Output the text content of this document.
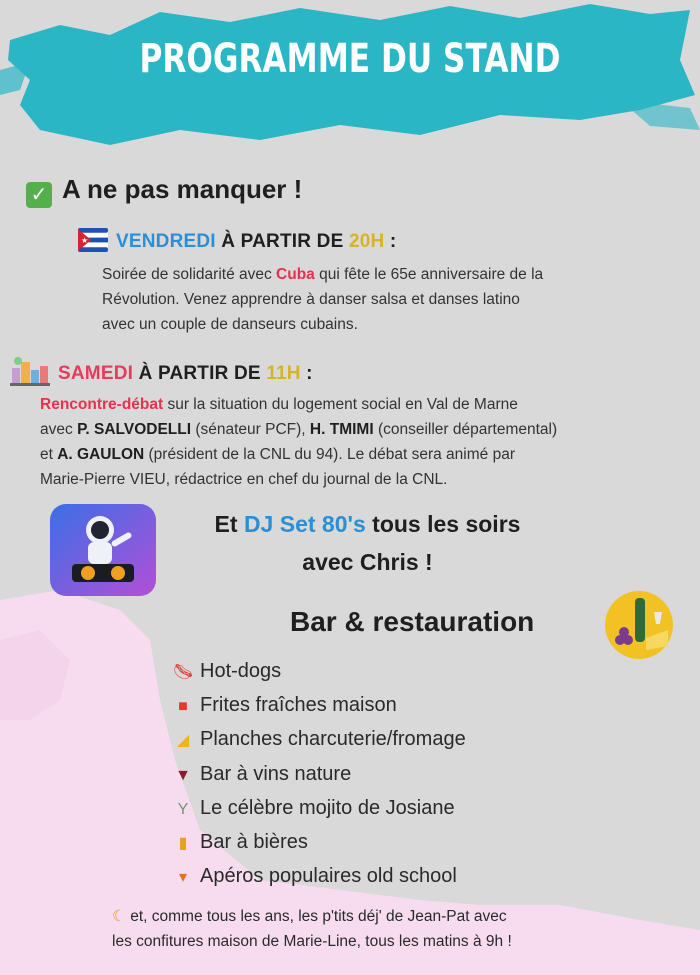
PROGRAMME DU STAND
✓ A ne pas manquer !
★ VENDREDI À PARTIR DE 20H :
Soirée de solidarité avec Cuba qui fête le 65e anniversaire de la
Révolution. Venez apprendre à danser salsa et danses latino
avec un couple de danseurs cubains.
SAMEDI À PARTIR DE 11H :
Rencontre-débat sur la situation du logement social en Val de Marne
avec P. SALVODELLI (sénateur PCF), H. TMIMI (conseiller départemental)
et A. GAULON (président de la CNL du 94). Le débat sera animé par
Marie-Pierre VIEU, rédactrice en chef du journal de la CNL.
Et DJ Set 80's tous les soirs
avec Chris !
Bar & restauration
🌭︎ Hot-dogs
■ Frites fraîches maison
◢ Planches charcuterie/fromage
▼ Bar à vins nature
Y Le célèbre mojito de Josiane
▮ Bar à bières
▾ Apéros populaires old school
☾ et, comme tous les ans, les p'tits déj' de Jean-Pat avec
les confitures maison de Marie-Line, tous les matins à 9h !
